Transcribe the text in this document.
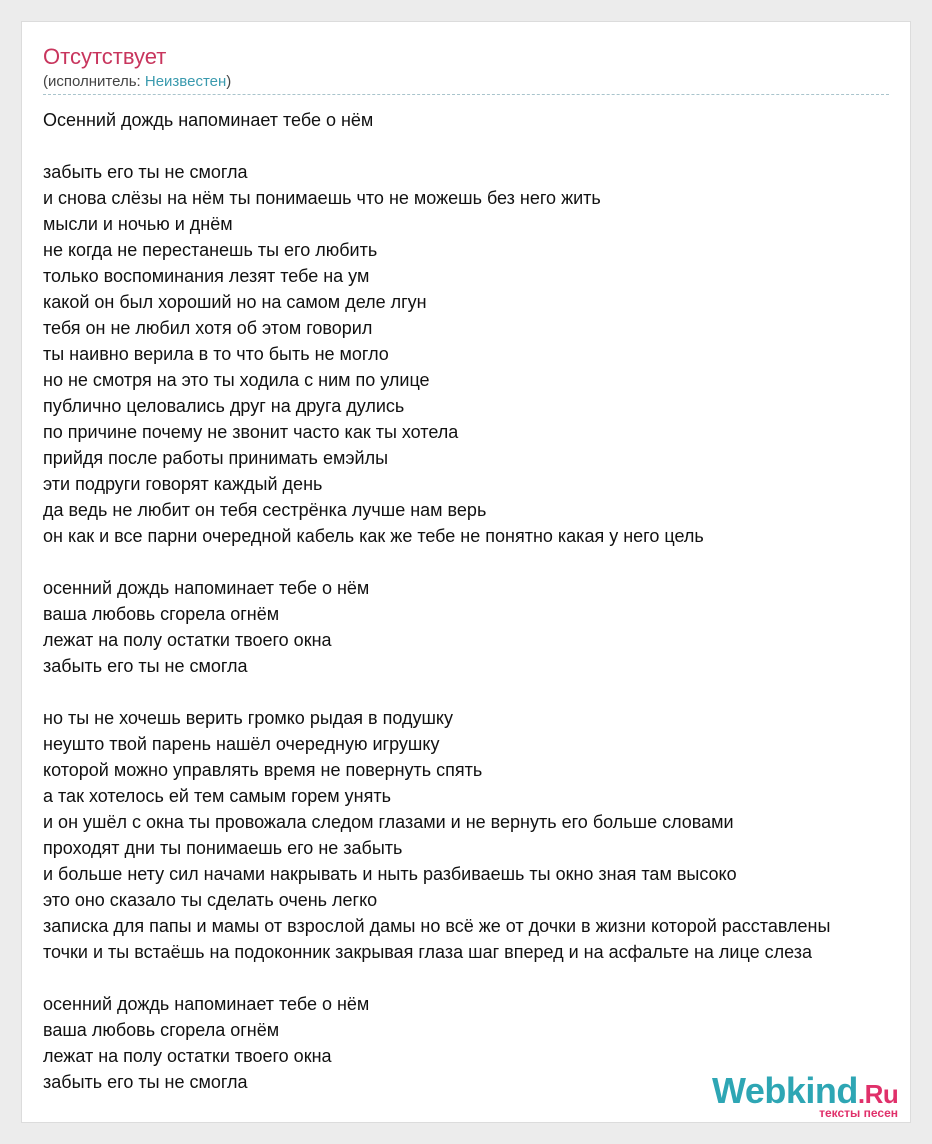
Отсутствует
(исполнитель: Неизвестен)
Осенний дождь напоминает тебе о нём
забыть его ты не смогла
и снова слёзы на нём ты понимаешь что не можешь без него жить
мысли и ночью и днём
не когда не перестанешь ты его любить
только воспоминания лезят тебе на ум
какой он был хороший но на самом деле лгун
тебя он не любил хотя об этом говорил
ты наивно верила в то что быть не могло
но не смотря на это ты ходила с ним по улице
публично целовались друг на друга дулись
по причине почему не звонит часто как ты хотела
прийдя после работы принимать емэйлы
эти подруги говорят каждый день
да ведь не любит он тебя сестрёнка лучше нам верь
он как и все парни очередной кабель как же тебе не понятно какая у него цель
осенний дождь напоминает тебе о нём
ваша любовь сгорела огнём
лежат на полу остатки твоего окна
забыть его ты не смогла
но ты не хочешь верить громко рыдая в подушку
неушто твой парень нашёл очередную игрушку
которой можно управлять время не повернуть спять
а так хотелось ей тем самым горем унять
и он ушёл с окна ты провожала следом глазами и не вернуть его больше словами
проходят дни ты понимаешь его не забыть
и больше нету сил начами накрывать и ныть разбиваешь ты окно зная там высоко
это оно сказало ты сделать очень легко
записка для папы и мамы от взрослой дамы но всё же от дочки в жизни которой расставлены
точки и ты встаёшь на подоконник закрывая глаза шаг вперед и на асфальте на лице слеза
осенний дождь напоминает тебе о нём
ваша любовь сгорела огнём
лежат на полу остатки твоего окна
забыть его ты не смогла	Webkind.Ru
тексты песен
